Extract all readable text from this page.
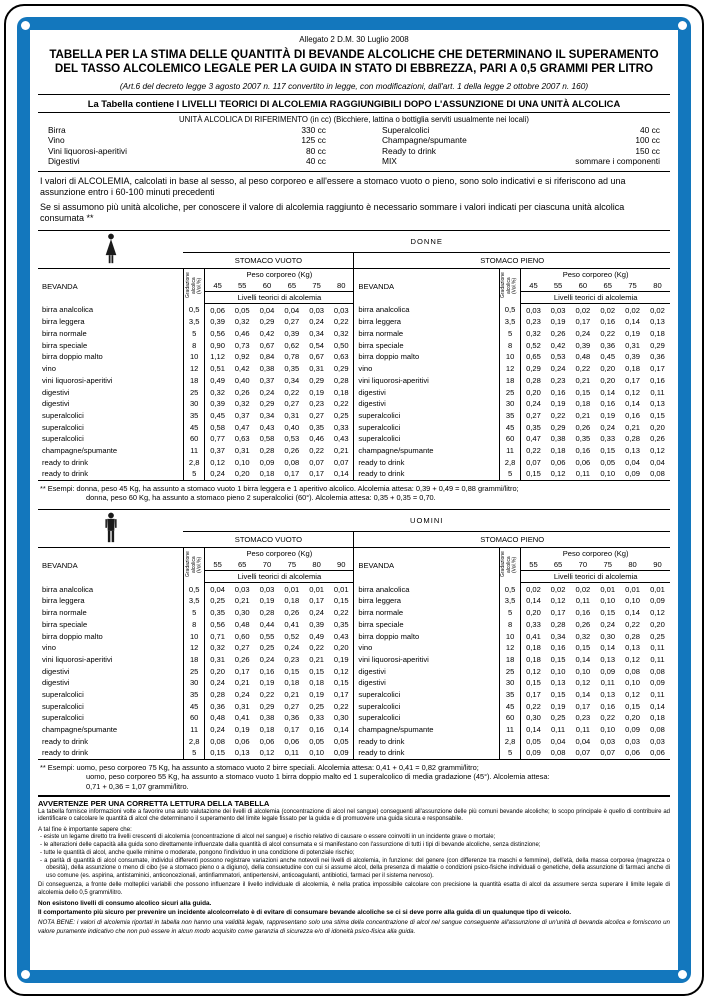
Allegato 2 D.M. 30 Luglio 2008
TABELLA PER LA STIMA DELLE QUANTITÀ DI BEVANDE ALCOLICHE CHE DETERMINANO IL SUPERAMENTO DEL TASSO ALCOLEMICO LEGALE PER LA GUIDA IN STATO DI EBBREZZA, PARI A 0,5 GRAMMI PER LITRO
(Art.6 del decreto legge 3 agosto 2007 n. 117 convertito in legge, con modificazioni, dall'art. 1 della legge 2 ottobre 2007 n. 160)
La Tabella contiene I LIVELLI TEORICI DI ALCOLEMIA RAGGIUNGIBILI DOPO L'ASSUNZIONE DI UNA UNITÀ ALCOLICA
UNITÀ ALCOLICA DI RIFERIMENTO (in cc) (Bicchiere, lattina o bottiglia serviti usualmente nei locali)
Birra	330 cc
Vino	125 cc
Vini liquorosi-aperitivi	80 cc
Digestivi	40 cc
Superalcolici	40 cc
Champagne/spumante	100 cc
Ready to drink	150 cc
MIX	sommare i componenti

I valori di ALCOLEMIA, calcolati in base al sesso, al peso corporeo e all'essere a stomaco vuoto o pieno, sono solo indicativi e si riferiscono ad una assunzione entro i 60-100 minuti precedenti

Se si assumono più unità alcoliche, per conoscere il valore di alcolemia raggiunto è necessario sommare i valori indicati per ciascuna unità alcolica consumata **

	DONNE														
	STOMACO VUOTO							STOMACO PIENO							
BEVANDA	Gradazione alcolica (Vol.%)	Peso corporeo (Kg)						BEVANDA	Gradazione alcolica (Vol.%)	Peso corporeo (Kg)					
		45	55	60	65	75	80			45	55	60	65	75	80
		Livelli teorici di alcolemia								Livelli teorici di alcolemia					
birra analcolica	0,5	0,06	0,05	0,04	0,04	0,03	0,03	birra analcolica	0,5	0,03	0,03	0,02	0,02	0,02	0,02
birra leggera	3,5	0,39	0,32	0,29	0,27	0,24	0,22	birra leggera	3,5	0,23	0,19	0,17	0,16	0,14	0,13
birra normale	5	0,56	0,46	0,42	0,39	0,34	0,32	birra normale	5	0,32	0,26	0,24	0,22	0,19	0,18
birra speciale	8	0,90	0,73	0,67	0,62	0,54	0,50	birra speciale	8	0,52	0,42	0,39	0,36	0,31	0,29
birra doppio malto	10	1,12	0,92	0,84	0,78	0,67	0,63	birra doppio malto	10	0,65	0,53	0,48	0,45	0,39	0,36
vino	12	0,51	0,42	0,38	0,35	0,31	0,29	vino	12	0,29	0,24	0,22	0,20	0,18	0,17
vini liquorosi-aperitivi	18	0,49	0,40	0,37	0,34	0,29	0,28	vini liquorosi-aperitivi	18	0,28	0,23	0,21	0,20	0,17	0,16
digestivi	25	0,32	0,26	0,24	0,22	0,19	0,18	digestivi	25	0,20	0,16	0,15	0,14	0,12	0,11
digestivi	30	0,39	0,32	0,29	0,27	0,23	0,22	digestivi	30	0,24	0,19	0,18	0,16	0,14	0,13
superalcolici	35	0,45	0,37	0,34	0,31	0,27	0,25	superalcolici	35	0,27	0,22	0,21	0,19	0,16	0,15
superalcolici	45	0,58	0,47	0,43	0,40	0,35	0,33	superalcolici	45	0,35	0,29	0,26	0,24	0,21	0,20
superalcolici	60	0,77	0,63	0,58	0,53	0,46	0,43	superalcolici	60	0,47	0,38	0,35	0,33	0,28	0,26
champagne/spumante	11	0,37	0,31	0,28	0,26	0,22	0,21	champagne/spumante	11	0,22	0,18	0,16	0,15	0,13	0,12
ready to drink	2,8	0,12	0,10	0,09	0,08	0,07	0,07	ready to drink	2,8	0,07	0,06	0,06	0,05	0,04	0,04
ready to drink	5	0,24	0,20	0,18	0,17	0,17	0,14	ready to drink	5	0,15	0,12	0,11	0,10	0,09	0,08
** Esempi: donna, peso 45 Kg, ha assunto a stomaco vuoto 1 birra leggera e 1 aperitivo alcolico. Alcolemia attesa: 0,39 + 0,49 = 0,88 grammi/litro;
donna, peso 60 Kg, ha assunto a stomaco pieno 2 superalcolici (60°). Alcolemia attesa: 0,35 + 0,35 = 0,70.
	UOMINI														
	STOMACO VUOTO							STOMACO PIENO							
BEVANDA	Gradazione alcolica (Vol.%)	Peso corporeo (Kg)						BEVANDA	Gradazione alcolica (Vol.%)	Peso corporeo (Kg)					
		55	65	70	75	80	90			55	65	70	75	80	90
		Livelli teorici di alcolemia								Livelli teorici di alcolemia					
birra analcolica	0,5	0,04	0,03	0,03	0,01	0,01	0,01	birra analcolica	0,5	0,02	0,02	0,02	0,01	0,01	0,01
birra leggera	3,5	0,25	0,21	0,19	0,18	0,17	0,15	birra leggera	3,5	0,14	0,12	0,11	0,10	0,10	0,09
birra normale	5	0,35	0,30	0,28	0,26	0,24	0,22	birra normale	5	0,20	0,17	0,16	0,15	0,14	0,12
birra speciale	8	0,56	0,48	0,44	0,41	0,39	0,35	birra speciale	8	0,33	0,28	0,26	0,24	0,22	0,20
birra doppio malto	10	0,71	0,60	0,55	0,52	0,49	0,43	birra doppio malto	10	0,41	0,34	0,32	0,30	0,28	0,25
vino	12	0,32	0,27	0,25	0,24	0,22	0,20	vino	12	0,18	0,16	0,15	0,14	0,13	0,11
vini liquorosi-aperitivi	18	0,31	0,26	0,24	0,23	0,21	0,19	vini liquorosi-aperitivi	18	0,18	0,15	0,14	0,13	0,12	0,11
digestivi	25	0,20	0,17	0,16	0,15	0,15	0,12	digestivi	25	0,12	0,10	0,10	0,09	0,08	0,08
digestivi	30	0,24	0,21	0,19	0,18	0,18	0,15	digestivi	30	0,15	0,13	0,12	0,11	0,10	0,09
superalcolici	35	0,28	0,24	0,22	0,21	0,19	0,17	superalcolici	35	0,17	0,15	0,14	0,13	0,12	0,11
superalcolici	45	0,36	0,31	0,29	0,27	0,25	0,22	superalcolici	45	0,22	0,19	0,17	0,16	0,15	0,14
superalcolici	60	0,48	0,41	0,38	0,36	0,33	0,30	superalcolici	60	0,30	0,25	0,23	0,22	0,20	0,18
champagne/spumante	11	0,24	0,19	0,18	0,17	0,16	0,14	champagne/spumante	11	0,14	0,11	0,11	0,10	0,09	0,08
ready to drink	2,8	0,08	0,06	0,06	0,06	0,05	0,05	ready to drink	2,8	0,05	0,04	0,04	0,03	0,03	0,03
ready to drink	5	0,15	0,13	0,12	0,11	0,10	0,09	ready to drink	5	0,09	0,08	0,07	0,07	0,06	0,06
** Esempi: uomo, peso corporeo 75 Kg, ha assunto a stomaco vuoto 2 birre speciali. Alcolemia attesa: 0,41 + 0,41 = 0,82 grammi/litro;
uomo, peso corporeo 55 Kg, ha assunto a stomaco vuoto 1 birra doppio malto ed 1 superalcolico di media gradazione (45°). Alcolemia attesa:
0,71 + 0,36 = 1,07 grammi/litro.
AVVERTENZE PER UNA CORRETTA LETTURA DELLA TABELLA
La tabella fornisce informazioni volte a favorire una auto valutazione dei livelli di alcolemia (concentrazione di alcol nel sangue) conseguenti all'assunzione delle più comuni bevande alcoliche; lo scopo principale è quello di contribuire ad identificare o calcolare le quantità di alcol che determinano il superamento del limite legale fissato per la guida e di promuovere una guida sicura e responsabile.
A tal fine è importante sapere che:
- esiste un legame diretto tra livelli crescenti di alcolemia (concentrazione di alcol nel sangue) e rischio relativo di causare o essere coinvolti in un incidente grave o mortale;
- le alterazioni delle capacità alla guida sono direttamente influenzate dalla quantità di alcol consumata e si manifestano con l'assunzione di tutti i tipi di bevande alcoliche, senza distinzione;
- tutte le quantità di alcol, anche quelle minime o moderate, pongono l'individuo in una condizione di potenziale rischio;
- a parità di quantità di alcol consumate, individui differenti possono registrare variazioni anche notevoli nei livelli di alcolemia, in funzione: del genere (con differenze tra maschi e femmine), dell'età, della massa corporea (magrezza o obesità), della assunzione o meno di cibo (se a stomaco pieno o a digiuno), della consuetudine con cui si assume alcol, della presenza di malattie o condizioni psico-fisiche individuali o genetiche, della assunzione di farmaci anche di uso comune (es. aspirina, antistaminici, anticoncezionali, antinfiammatori, antipertensivi, anticoagulanti, antibiotici, farmaci per il sistema nervoso).
Di conseguenza, a fronte delle molteplici variabili che possono influenzare il livello individuale di alcolemia, è nella pratica impossibile calcolare con precisione la quantità esatta di alcol da assumere senza superare il limite legale di alcolemia dello 0,5 grammi/litro.
Non esistono livelli di consumo alcolico sicuri alla guida.
Il comportamento più sicuro per prevenire un incidente alcolcorrelato è di evitare di consumare bevande alcoliche se ci si deve porre alla guida di un qualunque tipo di veicolo.
NOTA BENE: i valori di alcolemia riportati in tabella non hanno una validità legale, rappresentano solo una stima della concentrazione di alcol nel sangue conseguente all'assunzione di un'unità di bevanda alcolica e forniscono un valore puramente indicativo che non può essere in alcun modo acquisito come garanzia di sicurezza e/o di idoneità psico-fisica alla guida.
